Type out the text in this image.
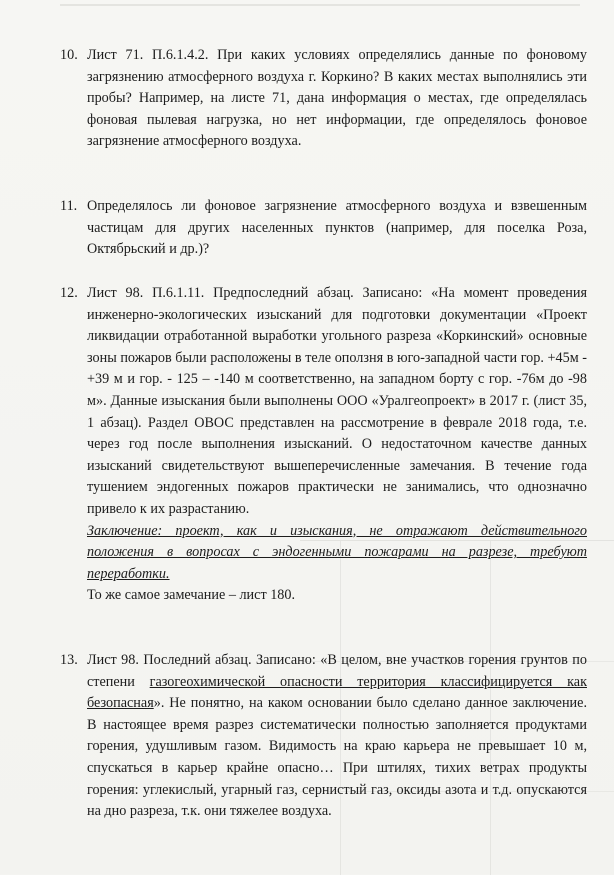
10. Лист 71. П.6.1.4.2. При каких условиях определялись данные по фоновому загрязнению атмосферного воздуха г. Коркино? В каких местах выполнялись эти пробы? Например, на листе 71, дана информация о местах, где определялась фоновая пылевая нагрузка, но нет информации, где определялось фоновое загрязнение атмосферного воздуха.

11. Определялось ли фоновое загрязнение атмосферного воздуха и взвешенным частицам для других населенных пунктов (например, для поселка Роза, Октябрьский и др.)?

12. Лист 98. П.6.1.11. Предпоследний абзац. Записано: «На момент проведения инженерно-экологических изысканий для подготовки документации «Проект ликвидации отработанной выработки угольного разреза «Коркинский» основные зоны пожаров были расположены в теле оползня в юго-западной части гор. +45м - +39 м и гор. - 125 – -140 м соответственно, на западном борту с гор. -76м до -98 м». Данные изыскания были выполнены ООО «Уралгеопроект» в 2017 г. (лист 35, 1 абзац). Раздел ОВОС представлен на рассмотрение в феврале 2018 года, т.е. через год после выполнения изысканий. О недостаточном качестве данных изысканий свидетельствуют вышеперечисленные замечания. В течение года тушением эндогенных пожаров практически не занимались, что однозначно привело к их разрастанию.

Заключение: проект, как и изыскания, не отражают действительного положения в вопросах с эндогенными пожарами на разрезе, требуют переработки.

То же самое замечание – лист 180.

13. Лист 98. Последний абзац. Записано: «В целом, вне участков горения грунтов по степени газогеохимической опасности территория классифицируется как безопасная». Не понятно, на каком основании было сделано данное заключение. В настоящее время разрез систематически полностью заполняется продуктами горения, удушливым газом. Видимость на краю карьера не превышает 10 м, спускаться в карьер крайне опасно… При штилях, тихих ветрах продукты горения: углекислый, угарный газ, сернистый газ, оксиды азота и т.д. опускаются на дно разреза, т.к. они тяжелее воздуха.
